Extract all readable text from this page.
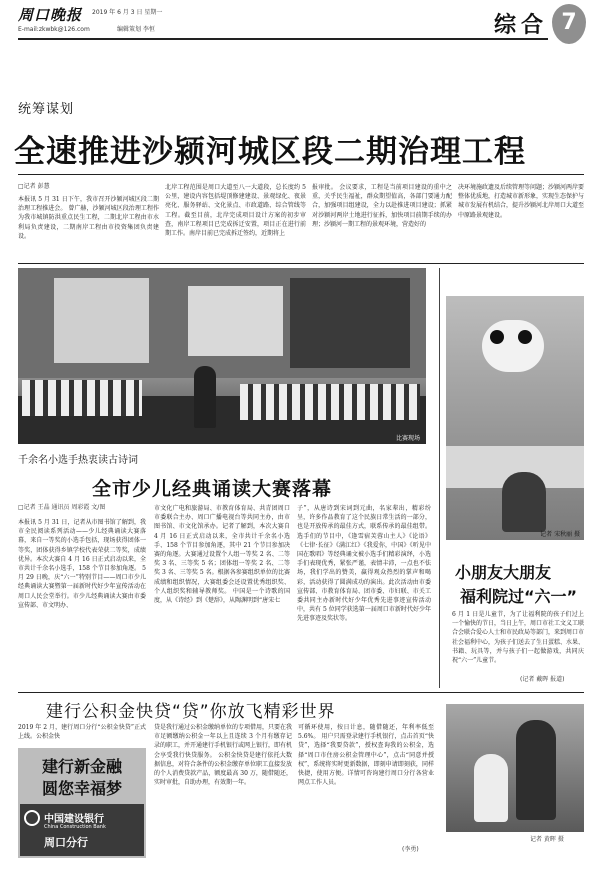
周口晚报 2019 年 6 月 3 日 星期一
E-mail:zkwbk@126.com	编辑策划 李恒	综合 7
统筹谋划
全速推进沙颍河城区段二期治理工程
□记者 彭慧
本报讯 5 月 31 日下午，我市召开沙颍河城区段二期治理工程推进会。 曾广赫，沙颍河城区段治理工程作为我市城镇防洪重点民生工程，二期北岸工程由市水利局负责建设，二期南岸工程由市投资集团负责建设。
北岸工程范围是周口大道至八一大道段，总长度约 5 公里，建设内容包括堤顶修建建设、景观绿化、夜景亮化、服务驿站、文化景点、市政道路、综合管线等工程。截至目前，北岸完成项目设计方案的初步审查，南岸工程项目已完成拆迁安置，项目正在进行前期工作。南岸目前已完成拆迁签约，近期将上
报审批。 会议要求，工程是当前项目建设的重中之重，关乎民生福祉，群众期望值高，各部门要通力配合，加强项目组建设，全力以赴推进项目建设；抓紧对沙颍河两岸土地进行征拆，加快项目前期手续的办理；沙颍河一期工程的景观环境，营造好的
决环境施政遗及后续管理等问题；沙颍河两岸要整体优质地，打造城市新形象，实现生态保护与城市发展有机结合，提升沙颍河北岸周口大道至中原路景观建设。
比赛现场
千余名小选手热衷读古诗词
全市少儿经典诵读大赛落幕
□记者 王晶 通讯员 周彩霞 文/图
本报讯 5 月 31 日，记者从市图书馆了解到，我市全民阅读系列活动——少儿经典诵读大赛落幕，来自一等奖的小选手包括，现场获得团体一等奖，团体获得乡镇学校代表荣获二等奖，成绩优异。本次大赛自 4 月 16 日正式启动以来，全市共计千余名小选手，158 个节目参加角逐。 5 月 29 日晚，庆“六一”特别节目——周口市少儿经典诵读大赛暨第一届新时代好少年宣传活动在周口人民会堂举行。市少儿经典诵读大赛由市委宣传部、市文明办、
市文化广电和旅游局、市教育体育局、共青团周口市委联合主办、周口广播电视台等共同主办，由市图书馆、市文化馆承办。记者了解到，本次大赛自 4 月 16 日正式启动以来，全市共计千余名小选手、158 个节目参加角逐，其中 21 个节目参加决赛的角逐。大赛通过设置个人组一等奖 2 名、二等奖 3 名、三等奖 5 名；团体组一等奖 2 名、二等奖 3 名、三等奖 5 名。根据各参赛组织单位的比赛成绩和组织情况，大赛组委会还设置优秀组织奖、个人组织奖和辅导教师奖。 中国是一个诗歌的国度，从《诗经》到《楚辞》，从陶渊明到“唐宋七
子”，从唐诗到宋词到元曲，名家辈出，精彩纷呈，许多作品教育了这个民族日常生活的一部分，也是开放传承的最佳方式，联系传承的最佳组带。选手们的节目中，《逢雪宿芙蓉山主人》《论语》《七律·长征》《满江红》《我爱你，中国》《听见中国在歌唱》等经典诵文被小选手们精彩演绎，小选手们表现优秀，紧张严谨，表情丰沛，一点也不怯场，我们学出的赞美，赢得观众热烈的掌声和喝彩，活动获得了圆满成功的演出。此次活动由市委宣传部、市教育体育局、团市委、市妇联、市关工委共同主办新时代好少年优秀先进事迹宣传活动中，共有 5 位同学获选第一届周口市新时代好少年先进事迹及奖状等。
记者 宋秋丽 摄
小朋友大朋友
福利院过“六一”
6 月 1 日是儿童节，为了让福利院的孩子们过上一个愉快的节日，当日上午，周口市社工文义工联合会联合爱心人士和市民政局等部门，来到周口市社会福利中心，为孩子们送去了生日蛋糕、水果、书籍、玩具等，并与孩子们一起做游戏，共同庆祝“六一”儿童节。
(记者 戴晖 报道)
建行公积金快贷“贷”你放飞精彩世界
2019 年 2 月，建行周口分行“公积金快贷”正式上线。公积金快
建行新金融
圆您幸福梦
中国建设银行
China Construction Bank
周口分行
贷是我行通过公积金缴纳单位的专项借用，只要在我市足额缴纳公积金一年以上且连续 3 个月有缴存记录的职工，并开通建行手机银行或网上银行，即有机会享受我行快贷服务。 公积金快贷是建行依托大数据信息，对符合条件的公积金缴存单位职工直接发放的个人消费贷款产品，额度最高 30 万，随借随还，实时审批，自助办理，有效期一年。
可循环使用，按日计息，随借随还，年利率低至 5.6%。 用户只需登录建行手机银行，点击首页“快贷”，选择“我要贷款”，授权查询我的公积金，选择“周口市住房公积金管理中心”，点击“同意并授权”，系统将实时更新数据，即刻申请即刻获，同样快捷，使用方便。详情可咨询建行周口分行各营业网点工作人员。
(李勇)
记者 黄晖 摄
